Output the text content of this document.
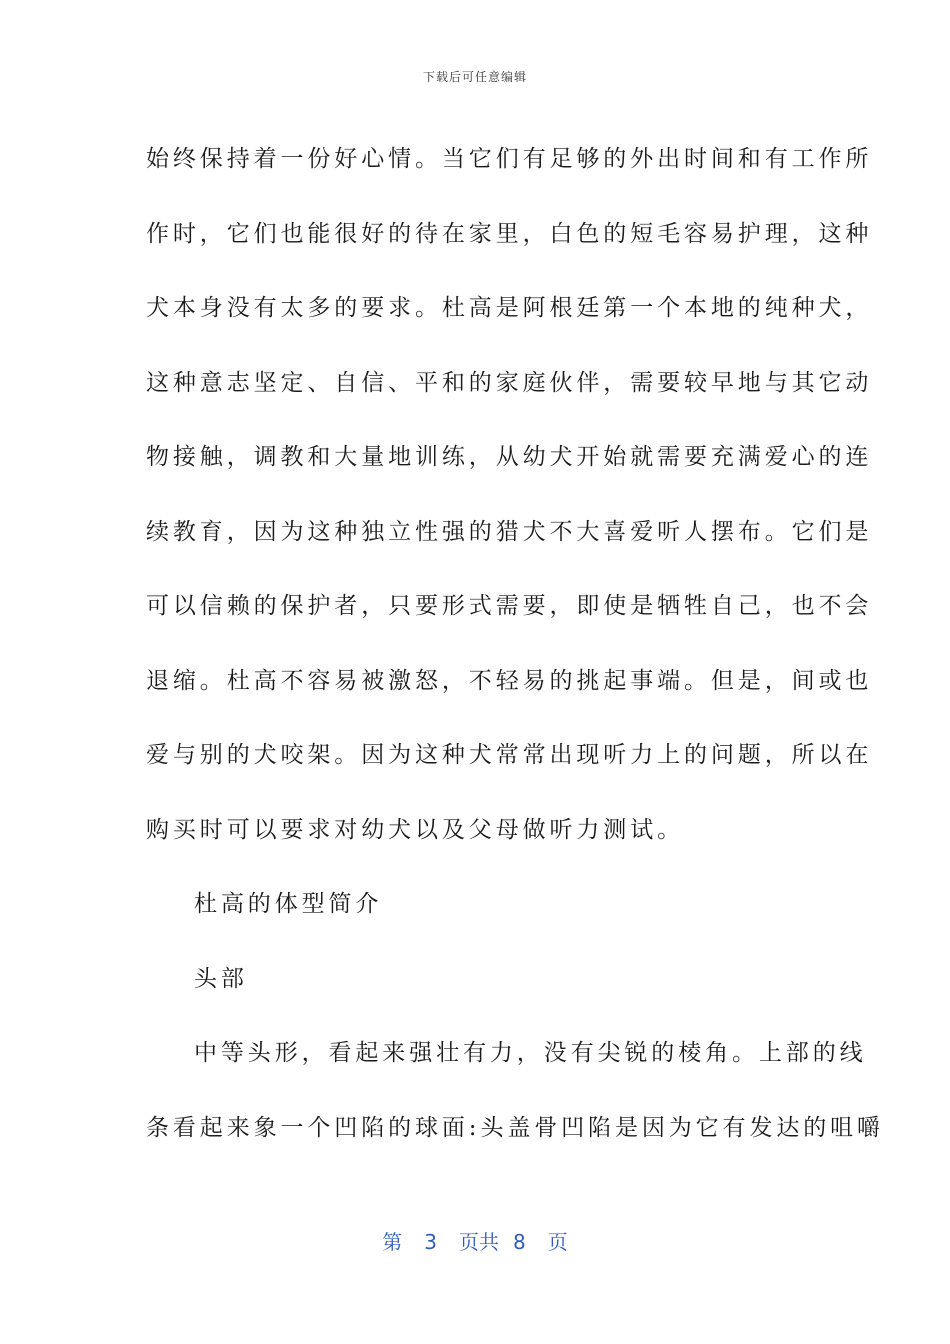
下载后可任意编辑
始终保持着一份好心情。当它们有足够的外出时间和有工作所
作时，它们也能很好的待在家里，白色的短毛容易护理，这种
犬本身没有太多的要求。杜高是阿根廷第一个本地的纯种犬，
这种意志坚定、自信、平和的家庭伙伴，需要较早地与其它动
物接触，调教和大量地训练，从幼犬开始就需要充满爱心的连
续教育，因为这种独立性强的猎犬不大喜爱听人摆布。它们是
可以信赖的保护者，只要形式需要，即使是牺牲自己，也不会
退缩。杜高不容易被激怒，不轻易的挑起事端。但是，间或也
爱与别的犬咬架。因为这种犬常常出现听力上的问题，所以在
购买时可以要求对幼犬以及父母做听力测试。
杜高的体型简介
头部
中等头形，看起来强壮有力，没有尖锐的棱角。上部的线
条看起来象一个凹陷的球面:头盖骨凹陷是因为它有发达的咀嚼
第 3 页共 8 页
